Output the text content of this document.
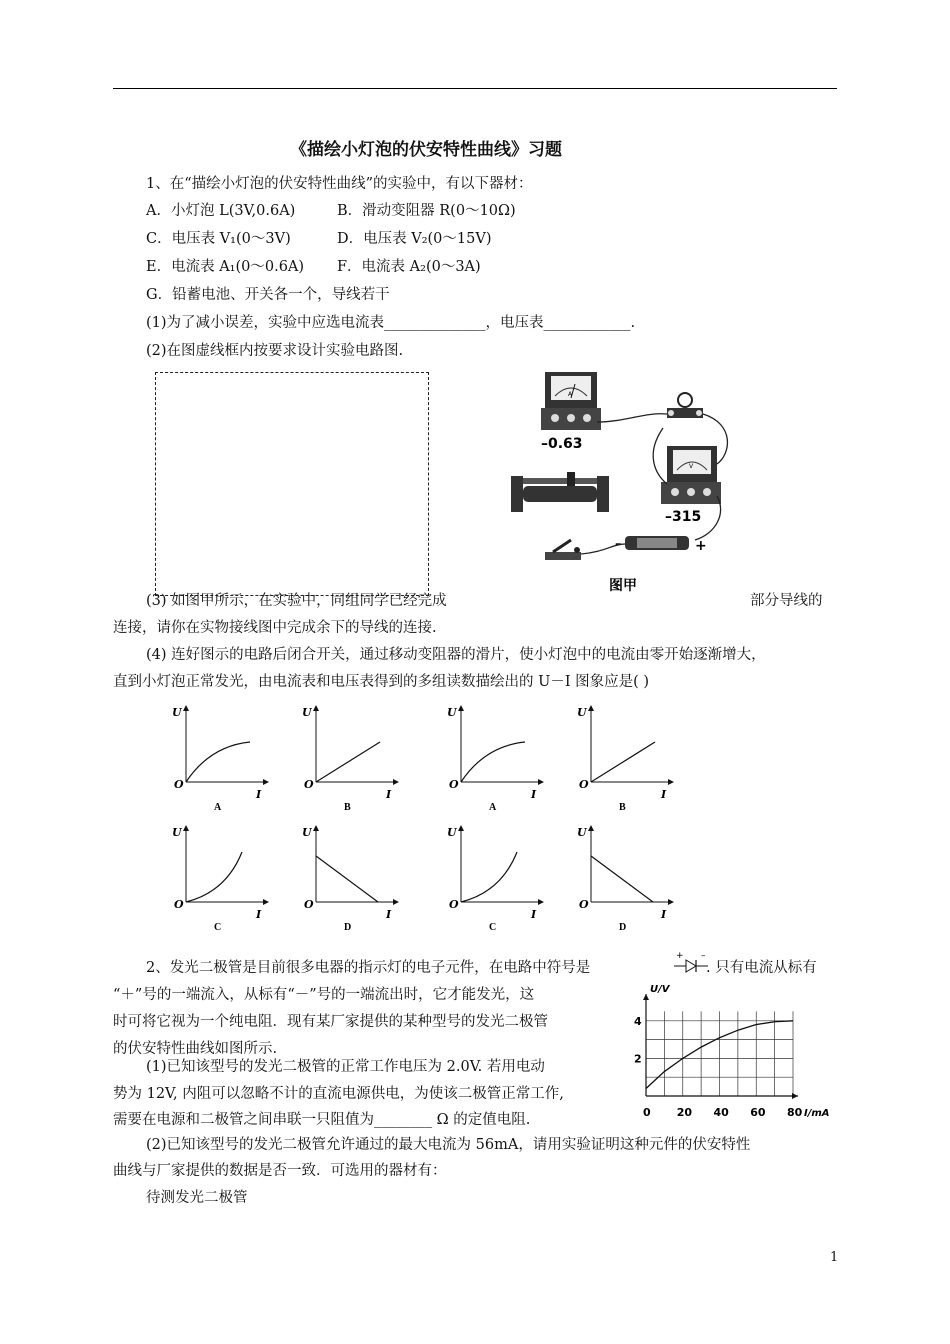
《描绘小灯泡的伏安特性曲线》习题
1、在“描绘小灯泡的伏安特性曲线”的实验中，有以下器材：
A．小灯泡 L(3V,0.6A)	B．滑动变阻器 R(0～10Ω)
C．电压表 V₁(0～3V)	D．电压表 V₂(0～15V)
E．电流表 A₁(0～0.6A) F．电流表 A₂(0～3A)
G．铅蓄电池、开关各一个，导线若干
(1)为了减小误差，实验中应选电流表______________，电压表____________.
(2)在图虚线框内按要求设计实验电路图.
A
–0.63
V
–315
–	+
图甲
(3) 如图甲所示，在实验中，同组同学已经完成	部分导线的
连接，请你在实物接线图中完成余下的导线的连接.
(4) 连好图示的电路后闭合开关，通过移动变阻器的滑片，使小灯泡中的电流由零开始逐渐增大，
直到小灯泡正常发光，由电流表和电压表得到的多组读数描绘出的 U－I 图象应是( )
U
O
I
A
U
O
I
B
U
O
I
A
U
O
I
B
U
O
I
C
U
O
I
D
U
O
I
C
U
O
I
D
2、发光二极管是目前很多电器的指示灯的电子元件，在电路中符号是
+ –
. 只有电流从标有
“＋”号的一端流入，从标有“－”号的一端流出时，它才能发光，这
时可将它视为一个纯电阻．现有某厂家提供的某种型号的发光二极管
的伏安特性曲线如图所示.
(1)已知该型号的发光二极管的正常工作电压为 2.0V. 若用电动
势为 12V, 内阻可以忽略不计的直流电源供电，为使该二极管正常工作,
需要在电源和二极管之间串联一只阻值为________ Ω 的定值电阻.
(2)已知该型号的发光二极管允许通过的最大电流为 56mA，请用实验证明这种元件的伏安特性
曲线与厂家提供的数据是否一致．可选用的器材有：
待测发光二极管
0 20 40 60 80
2
4
U/V
I/mA
1
